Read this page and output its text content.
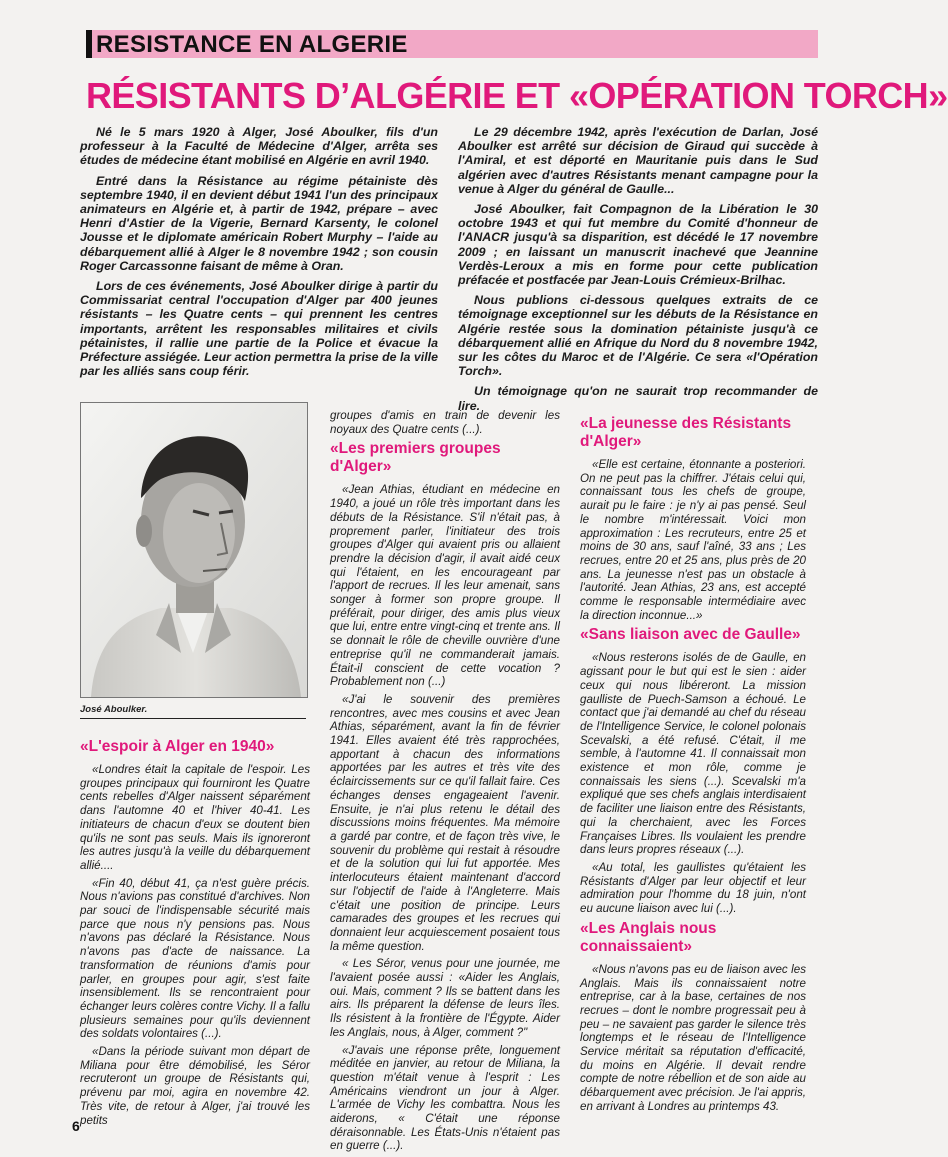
RESISTANCE EN ALGERIE
RÉSISTANTS D’ALGÉRIE ET «OPÉRATION TORCH»

Né le 5 mars 1920 à Alger, José Aboulker, fils d'un professeur à la Faculté de Médecine d'Alger, arrêta ses études de médecine étant mobilisé en Algérie en avril 1940.

Entré dans la Résistance au régime pétainiste dès septembre 1940, il en devient début 1941 l'un des principaux animateurs en Algérie et, à partir de 1942, prépare – avec Henri d'Astier de la Vigerie, Bernard Karsenty, le colonel Jousse et le diplomate américain Robert Murphy – l'aide au débarquement allié à Alger le 8 novembre 1942 ; son cousin Roger Carcassonne faisant de même à Oran.

Lors de ces événements, José Aboulker dirige à partir du Commissariat central l'occupation d'Alger par 400 jeunes résistants – les Quatre cents – qui prennent les centres importants, arrêtent les responsables militaires et civils pétainistes, il rallie une partie de la Police et évacue la Préfecture assiégée. Leur action permettra la prise de la ville par les alliés sans coup férir.

Le 29 décembre 1942, après l'exécution de Darlan, José Aboulker est arrêté sur décision de Giraud qui succède à l'Amiral, et est déporté en Mauritanie puis dans le Sud algérien avec d'autres Résistants menant campagne pour la venue à Alger du général de Gaulle...

José Aboulker, fait Compagnon de la Libération le 30 octobre 1943 et qui fut membre du Comité d'honneur de l'ANACR jusqu'à sa disparition, est décédé le 17 novembre 2009 ; en laissant un manuscrit inachevé que Jeannine Verdès-Leroux a mis en forme pour cette publication préfacée et postfacée par Jean-Louis Crémieux-Brilhac.

Nous publions ci-dessous quelques extraits de ce témoignage exceptionnel sur les débuts de la Résistance en Algérie restée sous la domination pétainiste jusqu'à ce débarquement allié en Afrique du Nord du 8 novembre 1942, sur les côtes du Maroc et de l'Algérie. Ce sera «l'Opération Torch».

Un témoignage qu'on ne saurait trop recommander de lire.

José Aboulker.
«L'espoir à Alger en 1940»

«Londres était la capitale de l'espoir. Les groupes principaux qui fourniront les Quatre cents rebelles d'Alger naissent séparément dans l'automne 40 et l'hiver 40-41. Les initiateurs de chacun d'eux se doutent bien qu'ils ne sont pas seuls. Mais ils ignoreront les autres jusqu'à la veille du débarquement allié....

«Fin 40, début 41, ça n'est guère précis. Nous n'avions pas constitué d'archives. Non par souci de l'indispensable sécurité mais parce que nous n'y pensions pas. Nous n'avons pas déclaré la Résistance. Nous n'avons pas d'acte de naissance. La transformation de réunions d'amis pour parler, en groupes pour agir, s'est faite insensiblement. Ils se rencontraient pour échanger leurs colères contre Vichy. Il a fallu plusieurs semaines pour qu'ils deviennent des soldats volontaires (...).

«Dans la période suivant mon départ de Miliana pour être démobilisé, les Séror recruteront un groupe de Résistants qui, prévenu par moi, agira en novembre 42. Très vite, de retour à Alger, j'ai trouvé les petits

groupes d'amis en train de devenir les noyaux des Quatre cents (...).

«Les premiers groupes d'Alger»

«Jean Athias, étudiant en médecine en 1940, a joué un rôle très important dans les débuts de la Résistance. S'il n'était pas, à proprement parler, l'initiateur des trois groupes d'Alger qui avaient pris ou allaient prendre la décision d'agir, il avait aidé ceux qui l'étaient, en les encourageant par l'apport de recrues. Il les leur amenait, sans songer à former son propre groupe. Il préférait, pour diriger, des amis plus vieux que lui, entre entre vingt-cinq et trente ans. Il se donnait le rôle de cheville ouvrière d'une entreprise qu'il ne commanderait jamais. Était-il conscient de cette vocation ? Probablement non (...)

«J'ai le souvenir des premières rencontres, avec mes cousins et avec Jean Athias, séparément, avant la fin de février 1941. Elles avaient été très rapprochées, apportant à chacun des informations apportées par les autres et très vite des éclaircissements sur ce qu'il fallait faire. Ces échanges denses engageaient l'avenir. Ensuite, je n'ai plus retenu le détail des discussions moins fréquentes. Ma mémoire a gardé par contre, et de façon très vive, le souvenir du problème qui restait à résoudre et de la solution qui lui fut apportée. Mes interlocuteurs étaient maintenant d'accord sur l'objectif de l'aide à l'Angleterre. Mais c'était une position de principe. Leurs camarades des groupes et les recrues qui donnaient leur acquiescement posaient tous la même question.

« Les Séror, venus pour une journée, me l'avaient posée aussi : «Aider les Anglais, oui. Mais, comment ? Ils se battent dans les airs. Ils préparent la défense de leurs îles. Ils résistent à la frontière de l'Égypte. Aider les Anglais, nous, à Alger, comment ?"

«J'avais une réponse prête, longuement méditée en janvier, au retour de Miliana, la question m'était venue à l'esprit : Les Américains viendront un jour à Alger. L'armée de Vichy les combattra. Nous les aiderons, « C'était une réponse déraisonnable. Les États-Unis n'étaient pas en guerre (...).

«La jeunesse des Résistants d'Alger»

«Elle est certaine, étonnante a posteriori. On ne peut pas la chiffrer. J'étais celui qui, connaissant tous les chefs de groupe, aurait pu le faire : je n'y ai pas pensé. Seul le nombre m'intéressait. Voici mon approximation : Les recruteurs, entre 25 et moins de 30 ans, sauf l'aîné, 33 ans ; Les recrues, entre 20 et 25 ans, plus près de 20 ans. La jeunesse n'est pas un obstacle à l'autorité. Jean Athias, 23 ans, est accepté comme le responsable intermédiaire avec la direction inconnue...»

«Sans liaison avec de Gaulle»

«Nous resterons isolés de de Gaulle, en agissant pour le but qui est le sien : aider ceux qui nous libéreront. La mission gaulliste de Puech-Samson a échoué. Le contact que j'ai demandé au chef du réseau de l'Intelligence Service, le colonel polonais Scevalski, a été refusé. C'était, il me semble, à l'automne 41. Il connaissait mon existence et mon rôle, comme je connaissais les siens (...). Scevalski m'a expliqué que ses chefs anglais interdisaient de faciliter une liaison entre des Résistants, qui la cherchaient, avec les Forces Françaises Libres. Ils voulaient les prendre dans leurs propres réseaux (...).

«Au total, les gaullistes qu'étaient les Résistants d'Alger par leur objectif et leur admiration pour l'homme du 18 juin, n'ont eu aucune liaison avec lui (...).

«Les Anglais nous connaissaient»

«Nous n'avons pas eu de liaison avec les Anglais. Mais ils connaissaient notre entreprise, car à la base, certaines de nos recrues – dont le nombre progressait peu à peu – ne savaient pas garder le silence très longtemps et le réseau de l'Intelligence Service méritait sa réputation d'efficacité, du moins en Algérie. Il devait rendre compte de notre rébellion et de son aide au débarquement avec précision. Je l'ai appris, en arrivant à Londres au printemps 43.

6
